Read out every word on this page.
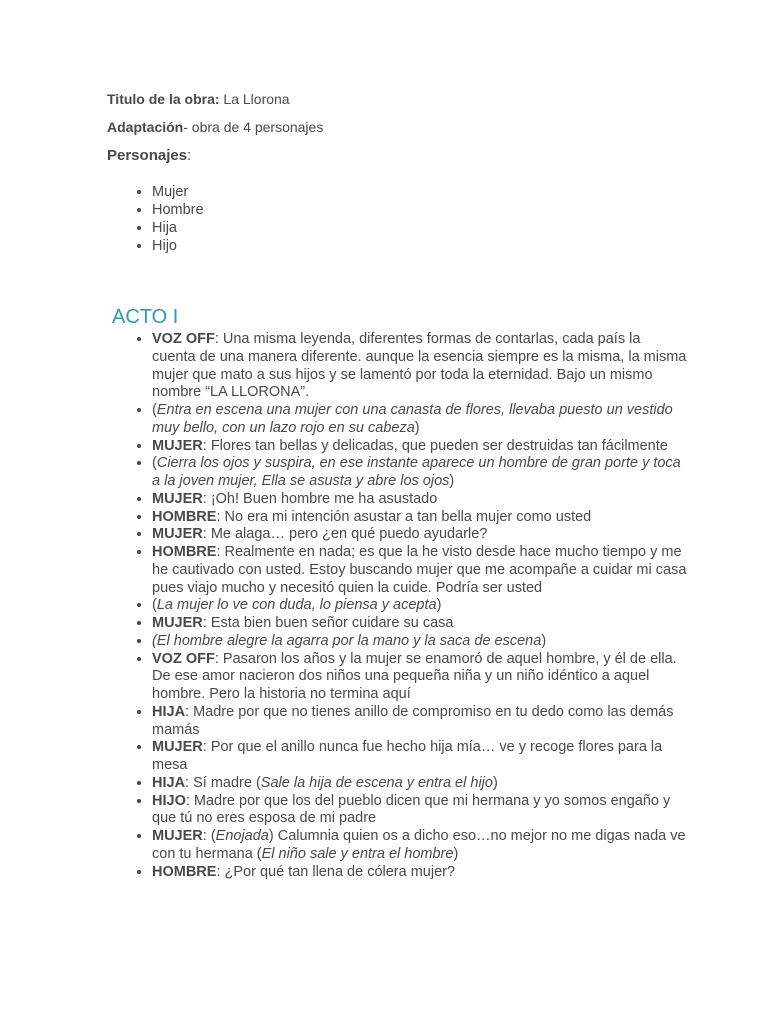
Titulo de la obra: La Llorona
Adaptación- obra de 4 personajes
Personajes:
• Mujer
• Hombre
• Hija
• Hijo
ACTO I
• VOZ OFF: Una misma leyenda, diferentes formas de contarlas, cada país la cuenta de una manera diferente. aunque la esencia siempre es la misma, la misma mujer que mato a sus hijos y se lamentó por toda la eternidad. Bajo un mismo nombre “LA LLORONA”.
• (Entra en escena una mujer con una canasta de flores, llevaba puesto un vestido muy bello, con un lazo rojo en su cabeza)
• MUJER: Flores tan bellas y delicadas, que pueden ser destruidas tan fácilmente
• (Cierra los ojos y suspira, en ese instante aparece un hombre de gran porte y toca a la joven mujer, Ella se asusta y abre los ojos)
• MUJER: ¡Oh! Buen hombre me ha asustado
• HOMBRE: No era mi intención asustar a tan bella mujer como usted
• MUJER: Me alaga… pero ¿en qué puedo ayudarle?
• HOMBRE: Realmente en nada; es que la he visto desde hace mucho tiempo y me he cautivado con usted. Estoy buscando mujer que me acompañe a cuidar mi casa pues viajo mucho y necesitó quien la cuide. Podría ser usted
• (La mujer lo ve con duda, lo piensa y acepta)
• MUJER: Esta bien buen señor cuidare su casa
• (El hombre alegre la agarra por la mano y la saca de escena)
• VOZ OFF: Pasaron los años y la mujer se enamoró de aquel hombre, y él de ella. De ese amor nacieron dos niños una pequeña niña y un niño idéntico a aquel hombre. Pero la historia no termina aquí
• HIJA: Madre por que no tienes anillo de compromiso en tu dedo como las demás mamás
• MUJER: Por que el anillo nunca fue hecho hija mía… ve y recoge flores para la mesa
• HIJA: Sí madre (Sale la hija de escena y entra el hijo)
• HIJO: Madre por que los del pueblo dicen que mi hermana y yo somos engaño y que tú no eres esposa de mi padre
• MUJER: (Enojada) Calumnia quien os a dicho eso…no mejor no me digas nada ve con tu hermana (El niño sale y entra el hombre)
• HOMBRE: ¿Por qué tan llena de cólera mujer?
